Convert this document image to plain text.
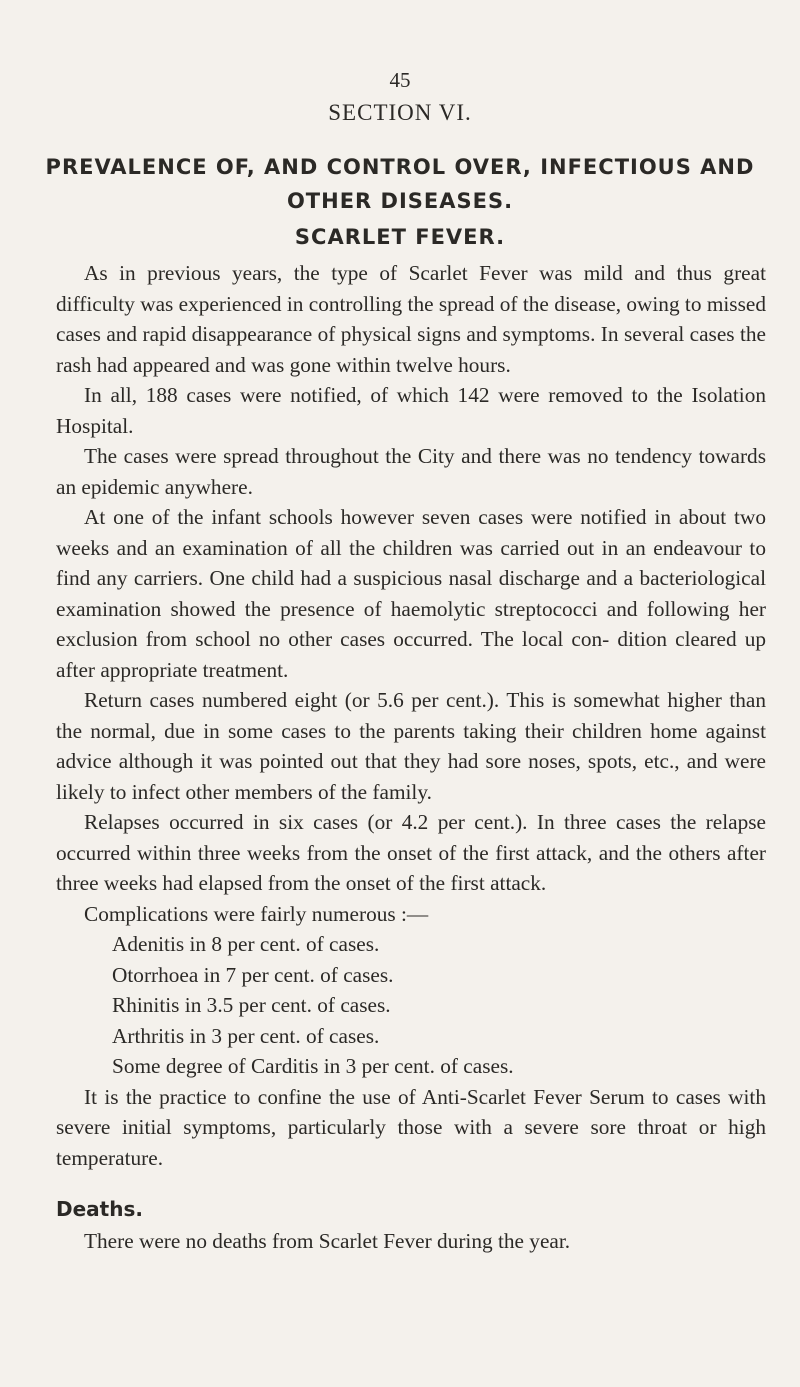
45
SECTION VI.
PREVALENCE OF, AND CONTROL OVER, INFECTIOUS AND
OTHER DISEASES.
SCARLET FEVER.

As in previous years, the type of Scarlet Fever was mild and thus great difficulty was experienced in controlling the spread of the disease, owing to missed cases and rapid disappearance of physical signs and symptoms. In several cases the rash had appeared and was gone within twelve hours.

In all, 188 cases were notified, of which 142 were removed to the Isolation Hospital.

The cases were spread throughout the City and there was no tendency towards an epidemic anywhere.

At one of the infant schools however seven cases were notified in about two weeks and an examination of all the children was carried out in an endeavour to find any carriers. One child had a suspicious nasal discharge and a bacteriological examination showed the presence of haemolytic streptococci and following her exclusion from school no other cases occurred. The local con- dition cleared up after appropriate treatment.

Return cases numbered eight (or 5.6 per cent.). This is somewhat higher than the normal, due in some cases to the parents taking their children home against advice although it was pointed out that they had sore noses, spots, etc., and were likely to infect other members of the family.

Relapses occurred in six cases (or 4.2 per cent.). In three cases the relapse occurred within three weeks from the onset of the first attack, and the others after three weeks had elapsed from the onset of the first attack.

Complications were fairly numerous :—

Adenitis in 8 per cent. of cases.
Otorrhoea in 7 per cent. of cases.
Rhinitis in 3.5 per cent. of cases.
Arthritis in 3 per cent. of cases.
Some degree of Carditis in 3 per cent. of cases.

It is the practice to confine the use of Anti-Scarlet Fever Serum to cases with severe initial symptoms, particularly those with a severe sore throat or high temperature.

Deaths.
There were no deaths from Scarlet Fever during the year.
